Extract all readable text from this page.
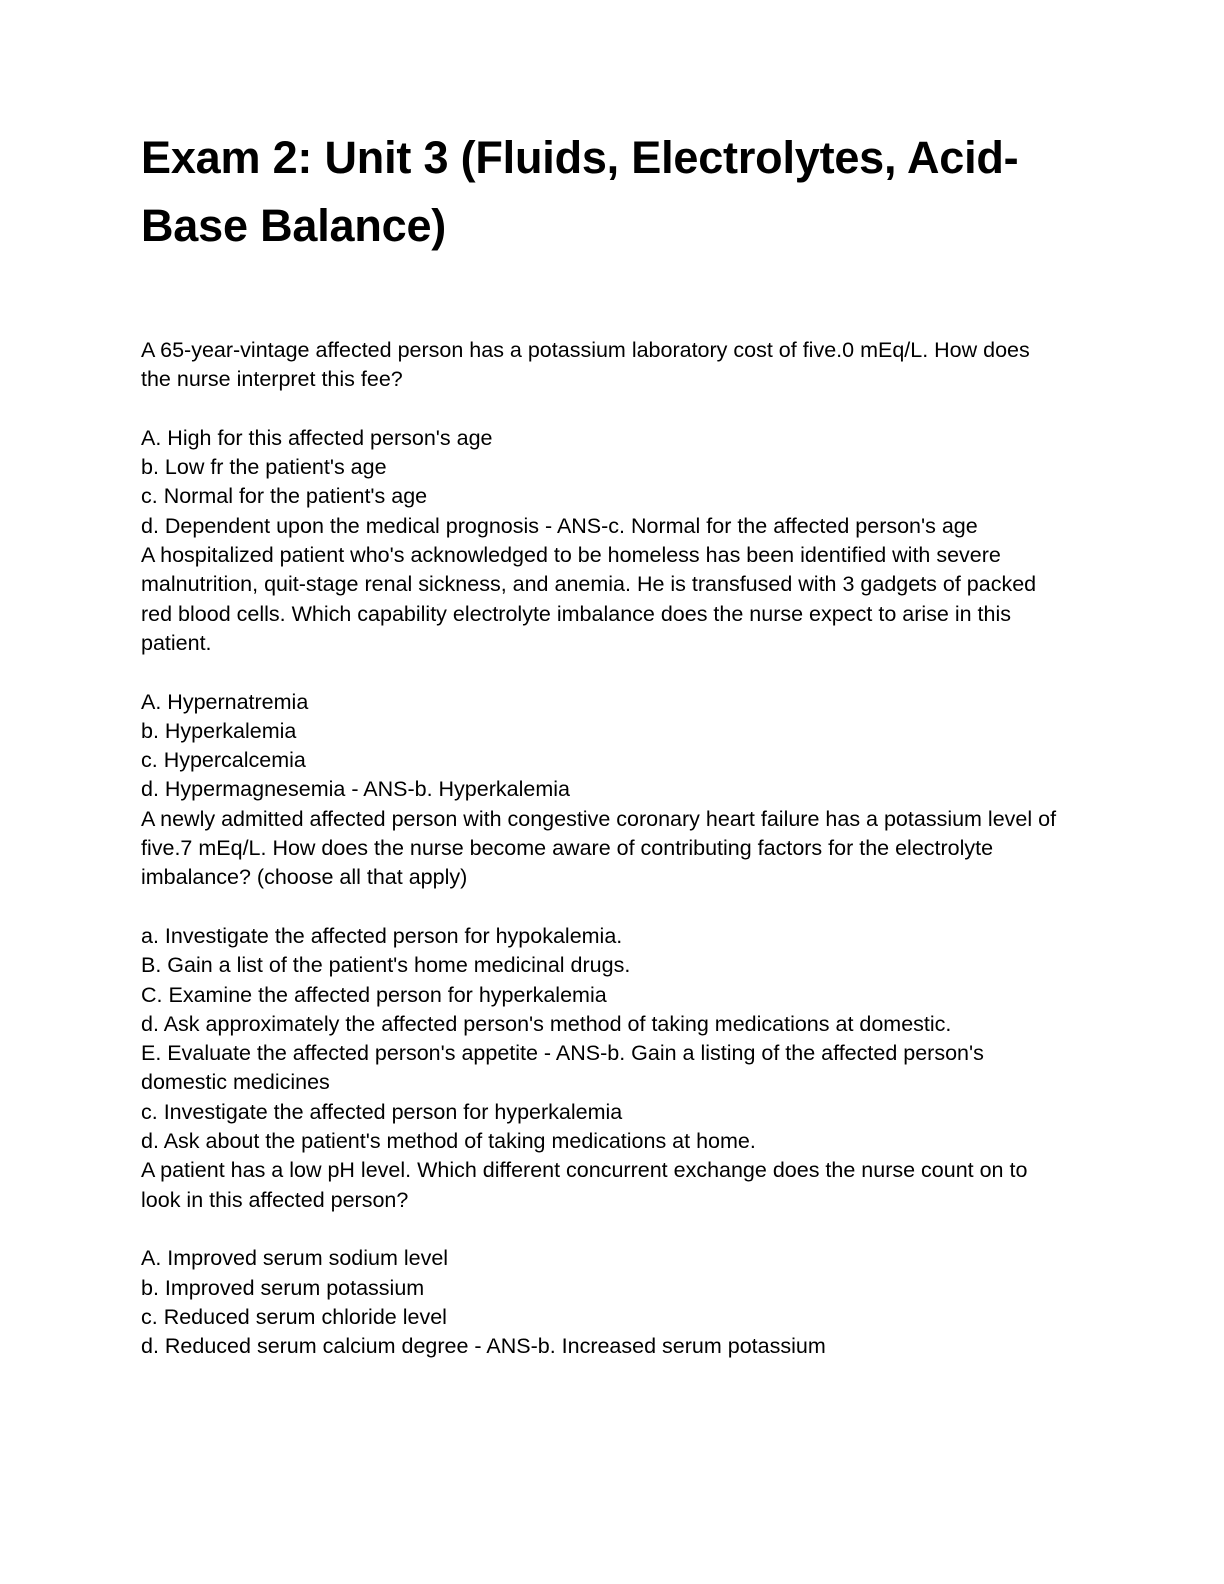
Exam 2: Unit 3 (Fluids, Electrolytes, Acid-Base Balance)

A 65-year-vintage affected person has a potassium laboratory cost of five.0 mEq/L. How does the nurse interpret this fee?

A. High for this affected person's age

b. Low fr the patient's age

c. Normal for the patient's age

d. Dependent upon the medical prognosis - ANS-c. Normal for the affected person's age

A hospitalized patient who's acknowledged to be homeless has been identified with severe malnutrition, quit-stage renal sickness, and anemia. He is transfused with 3 gadgets of packed red blood cells. Which capability electrolyte imbalance does the nurse expect to arise in this patient.

A. Hypernatremia

b. Hyperkalemia

c. Hypercalcemia

d. Hypermagnesemia - ANS-b. Hyperkalemia

A newly admitted affected person with congestive coronary heart failure has a potassium level of five.7 mEq/L. How does the nurse become aware of contributing factors for the electrolyte imbalance? (choose all that apply)

a. Investigate the affected person for hypokalemia.

B. Gain a list of the patient's home medicinal drugs.

C. Examine the affected person for hyperkalemia

d. Ask approximately the affected person's method of taking medications at domestic.

E. Evaluate the affected person's appetite - ANS-b. Gain a listing of the affected person's domestic medicines

c. Investigate the affected person for hyperkalemia

d. Ask about the patient's method of taking medications at home.

A patient has a low pH level. Which different concurrent exchange does the nurse count on to look in this affected person?

A. Improved serum sodium level

b. Improved serum potassium

c. Reduced serum chloride level

d. Reduced serum calcium degree - ANS-b. Increased serum potassium
